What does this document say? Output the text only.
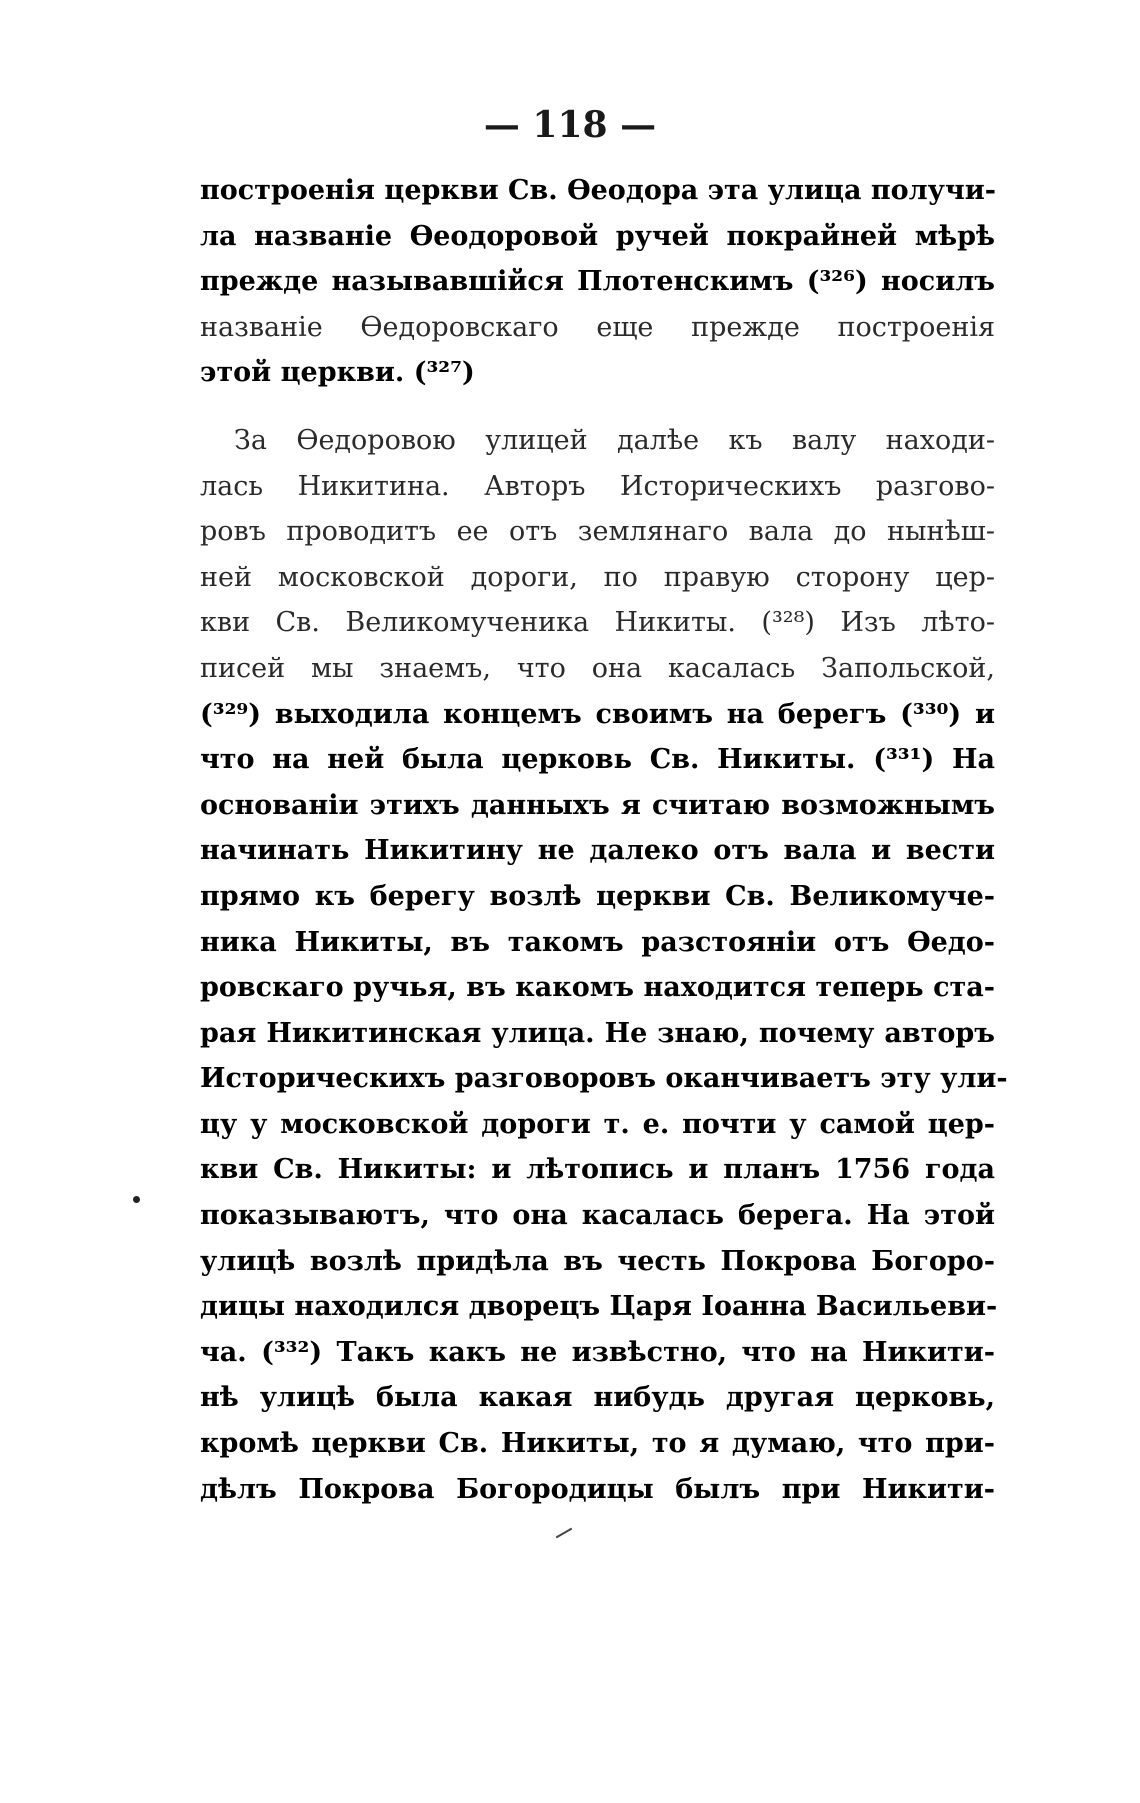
— 118 —
построенія церкви Св. Ѳеодора эта улица получи-
ла названіе Ѳеодоровой ручей покрайней мѣрѣ
прежде называвшійся Плотенскимъ (³²⁶) носилъ
названіе Ѳедоровскаго еще прежде построенія
этой церкви. (³²⁷)
За Ѳедоровою улицей далѣе къ валу находи-
лась Никитина. Авторъ Историческихъ разгово-
ровъ проводитъ ее отъ землянаго вала до нынѣш-
ней московской дороги, по правую сторону цер-
кви Св. Великомученика Никиты. (³²⁸) Изъ лѣто-
писей мы знаемъ, что она касалась Запольской,
(³²⁹) выходила концемъ своимъ на берегъ (³³⁰) и
что на ней была церковь Св. Никиты. (³³¹) На
основаніи этихъ данныхъ я считаю возможнымъ
начинать Никитину не далеко отъ вала и вести
прямо къ берегу возлѣ церкви Св. Великомуче-
ника Никиты, въ такомъ разстояніи отъ Ѳедо-
ровскаго ручья, въ какомъ находится теперь ста-
рая Никитинская улица. Не знаю, почему авторъ
Историческихъ разговоровъ оканчиваетъ эту ули-
цу у московской дороги т. е. почти у самой цер-
кви Св. Никиты: и лѣтопись и планъ 1756 года
показываютъ, что она касалась берега. На этой
улицѣ возлѣ придѣла въ честь Покрова Богоро-
дицы находился дворецъ Царя Іоанна Васильеви-
ча. (³³²) Такъ какъ не извѣстно, что на Никити-
нѣ улицѣ была какая нибудь другая церковь,
кромѣ церкви Св. Никиты, то я думаю, что при-
дѣлъ Покрова Богородицы былъ при Никити-
